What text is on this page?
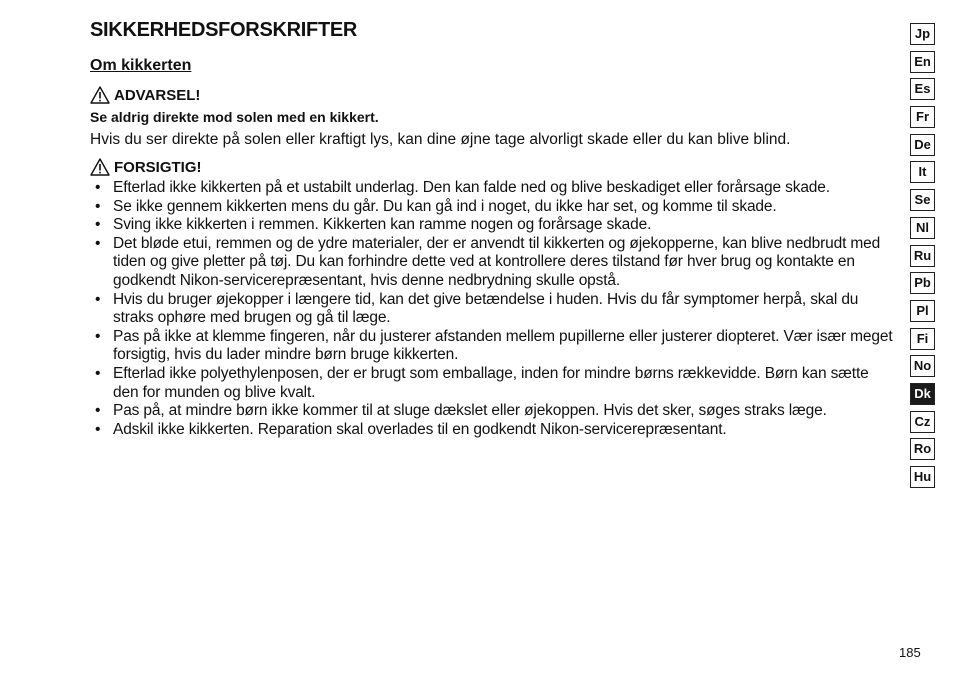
SIKKERHEDSFORSKRIFTER
Om kikkerten
ADVARSEL!
Se aldrig direkte mod solen med en kikkert.
Hvis du ser direkte på solen eller kraftigt lys, kan dine øjne tage alvorligt skade eller du kan blive blind.
FORSIGTIG!
• Efterlad ikke kikkerten på et ustabilt underlag. Den kan falde ned og blive beskadiget eller forårsage skade.
• Se ikke gennem kikkerten mens du går. Du kan gå ind i noget, du ikke har set, og komme til skade.
• Sving ikke kikkerten i remmen. Kikkerten kan ramme nogen og forårsage skade.
• Det bløde etui, remmen og de ydre materialer, der er anvendt til kikkerten og øjekopperne, kan blive nedbrudt med tiden og give pletter på tøj. Du kan forhindre dette ved at kontrollere deres tilstand før hver brug og kontakte en godkendt Nikon-servicerepræsentant, hvis denne nedbrydning skulle opstå.
• Hvis du bruger øjekopper i længere tid, kan det give betændelse i huden. Hvis du får symptomer herpå, skal du straks ophøre med brugen og gå til læge.
• Pas på ikke at klemme fingeren, når du justerer afstanden mellem pupillerne eller justerer diopteret. Vær især meget forsigtig, hvis du lader mindre børn bruge kikkerten.
• Efterlad ikke polyethylenposen, der er brugt som emballage, inden for mindre børns rækkevidde. Børn kan sætte den for munden og blive kvalt.
• Pas på, at mindre børn ikke kommer til at sluge dækslet eller øjekoppen. Hvis det sker, søges straks læge.
• Adskil ikke kikkerten. Reparation skal overlades til en godkendt Nikon-servicerepræsentant.
Jp
En
Es
Fr
De
It
Se
Nl
Ru
Pb
Pl
Fi
No
Dk
Cz
Ro
Hu
185
